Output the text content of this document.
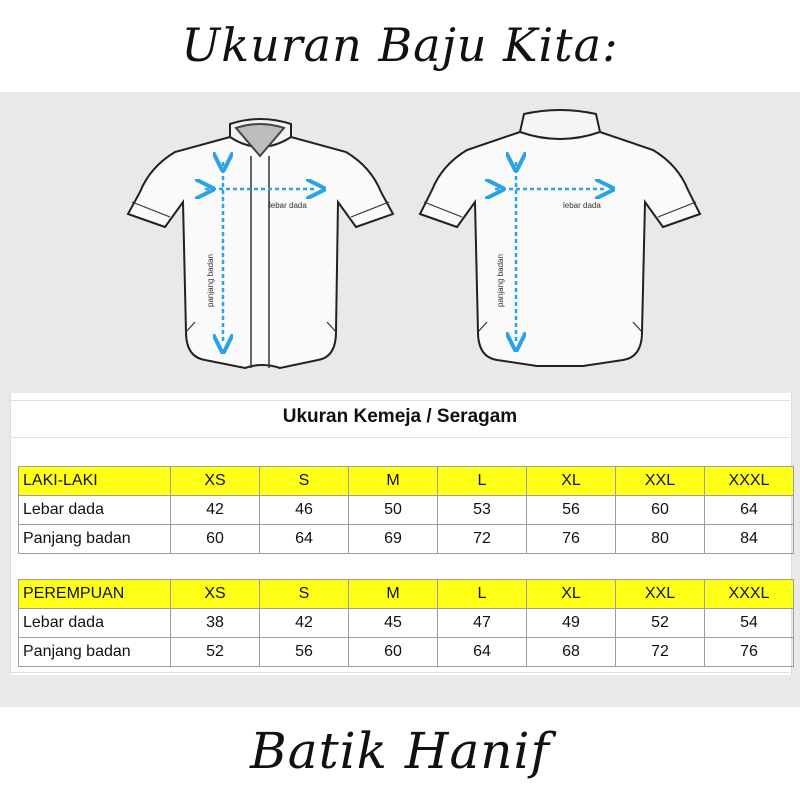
Ukuran Baju Kita:
lebar dada
panjang badan
lebar dada
panjang badan
Ukuran Kemeja / Seragam
LAKI-LAKI	XS	S	M	L	XL	XXL	XXXL
Lebar dada	42	46	50	53	56	60	64
Panjang badan	60	64	69	72	76	80	84
PEREMPUAN	XS	S	M	L	XL	XXL	XXXL
Lebar dada	38	42	45	47	49	52	54
Panjang badan	52	56	60	64	68	72	76
Batik Hanif
